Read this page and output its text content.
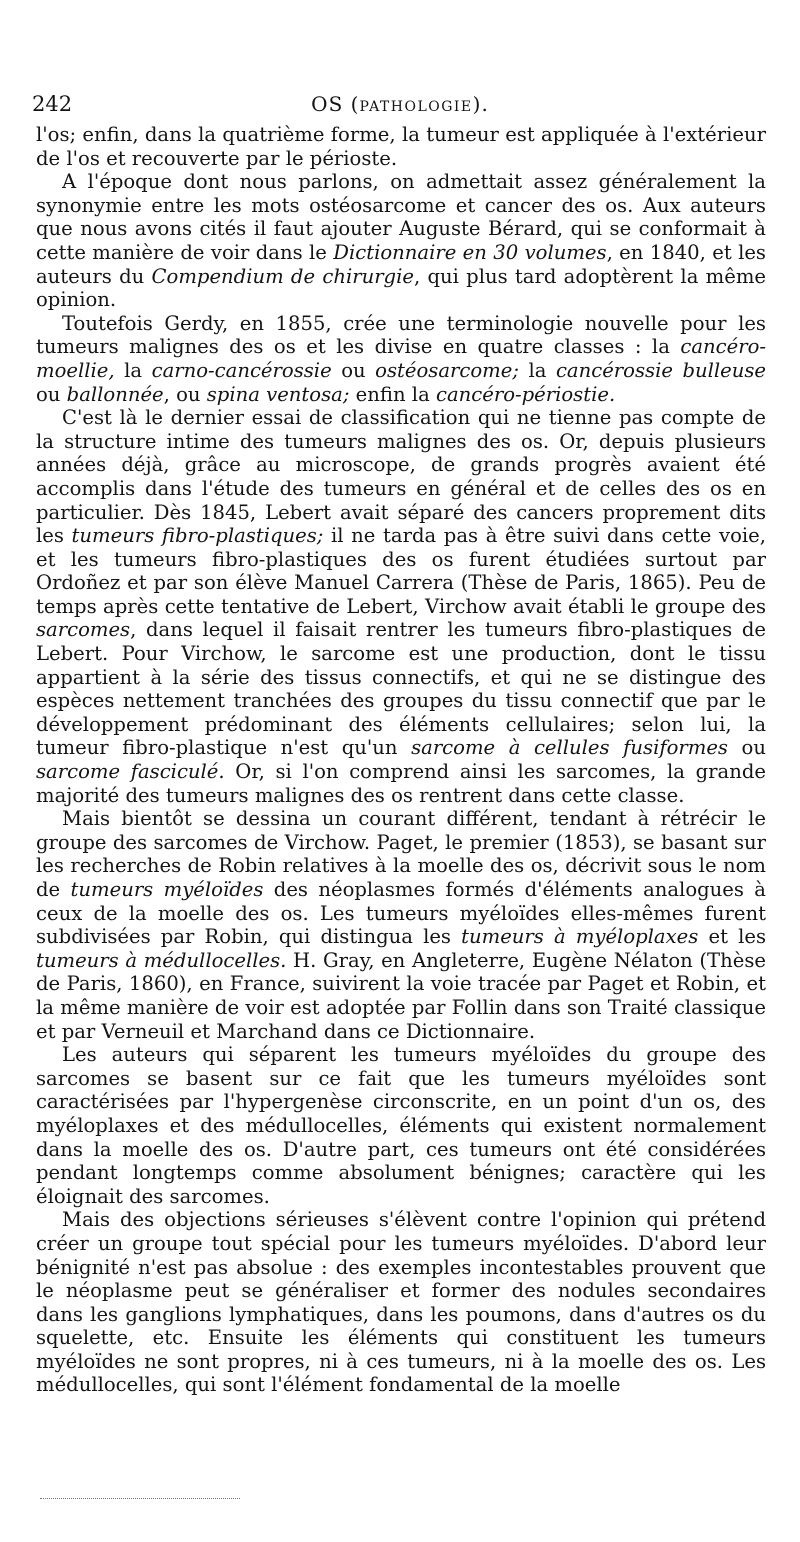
242	OS (PATHOLOGIE).

l'os; enfin, dans la quatrième forme, la tumeur est appliquée à l'extérieur de l'os et recouverte par le périoste.

A l'époque dont nous parlons, on admettait assez généralement la synonymie entre les mots ostéosarcome et cancer des os. Aux auteurs que nous avons cités il faut ajouter Auguste Bérard, qui se conformait à cette manière de voir dans le Dictionnaire en 30 volumes, en 1840, et les auteurs du Compendium de chirurgie, qui plus tard adoptèrent la même opinion.

Toutefois Gerdy, en 1855, crée une terminologie nouvelle pour les tumeurs malignes des os et les divise en quatre classes : la cancéro-moellie, la carno-cancérossie ou ostéosarcome; la cancérossie bulleuse ou ballonnée, ou spina ventosa; enfin la cancéro-périostie.

C'est là le dernier essai de classification qui ne tienne pas compte de la structure intime des tumeurs malignes des os. Or, depuis plusieurs années déjà, grâce au microscope, de grands progrès avaient été accomplis dans l'étude des tumeurs en général et de celles des os en particulier. Dès 1845, Lebert avait séparé des cancers proprement dits les tumeurs fibro-plastiques; il ne tarda pas à être suivi dans cette voie, et les tumeurs fibro-plastiques des os furent étudiées surtout par Ordoñez et par son élève Manuel Carrera (Thèse de Paris, 1865). Peu de temps après cette tentative de Lebert, Virchow avait établi le groupe des sarcomes, dans lequel il faisait rentrer les tumeurs fibro-plastiques de Lebert. Pour Virchow, le sarcome est une production, dont le tissu appartient à la série des tissus connectifs, et qui ne se distingue des espèces nettement tranchées des groupes du tissu connectif que par le développement prédominant des éléments cellulaires; selon lui, la tumeur fibro-plastique n'est qu'un sarcome à cellules fusiformes ou sarcome fasciculé. Or, si l'on comprend ainsi les sarcomes, la grande majorité des tumeurs malignes des os rentrent dans cette classe.

Mais bientôt se dessina un courant différent, tendant à rétrécir le groupe des sarcomes de Virchow. Paget, le premier (1853), se basant sur les recherches de Robin relatives à la moelle des os, décrivit sous le nom de tumeurs myéloïdes des néoplasmes formés d'éléments analogues à ceux de la moelle des os. Les tumeurs myéloïdes elles-mêmes furent subdivisées par Robin, qui distingua les tumeurs à myéloplaxes et les tumeurs à médullocelles. H. Gray, en Angleterre, Eugène Nélaton (Thèse de Paris, 1860), en France, suivirent la voie tracée par Paget et Robin, et la même manière de voir est adoptée par Follin dans son Traité classique et par Verneuil et Marchand dans ce Dictionnaire.

Les auteurs qui séparent les tumeurs myéloïdes du groupe des sarcomes se basent sur ce fait que les tumeurs myéloïdes sont caractérisées par l'hypergenèse circonscrite, en un point d'un os, des myéloplaxes et des médullocelles, éléments qui existent normalement dans la moelle des os. D'autre part, ces tumeurs ont été considérées pendant longtemps comme absolument bénignes; caractère qui les éloignait des sarcomes.

Mais des objections sérieuses s'élèvent contre l'opinion qui prétend créer un groupe tout spécial pour les tumeurs myéloïdes. D'abord leur bénignité n'est pas absolue : des exemples incontestables prouvent que le néoplasme peut se généraliser et former des nodules secondaires dans les ganglions lymphatiques, dans les poumons, dans d'autres os du squelette, etc. Ensuite les éléments qui constituent les tumeurs myéloïdes ne sont propres, ni à ces tumeurs, ni à la moelle des os. Les médullocelles, qui sont l'élément fondamental de la moelle
